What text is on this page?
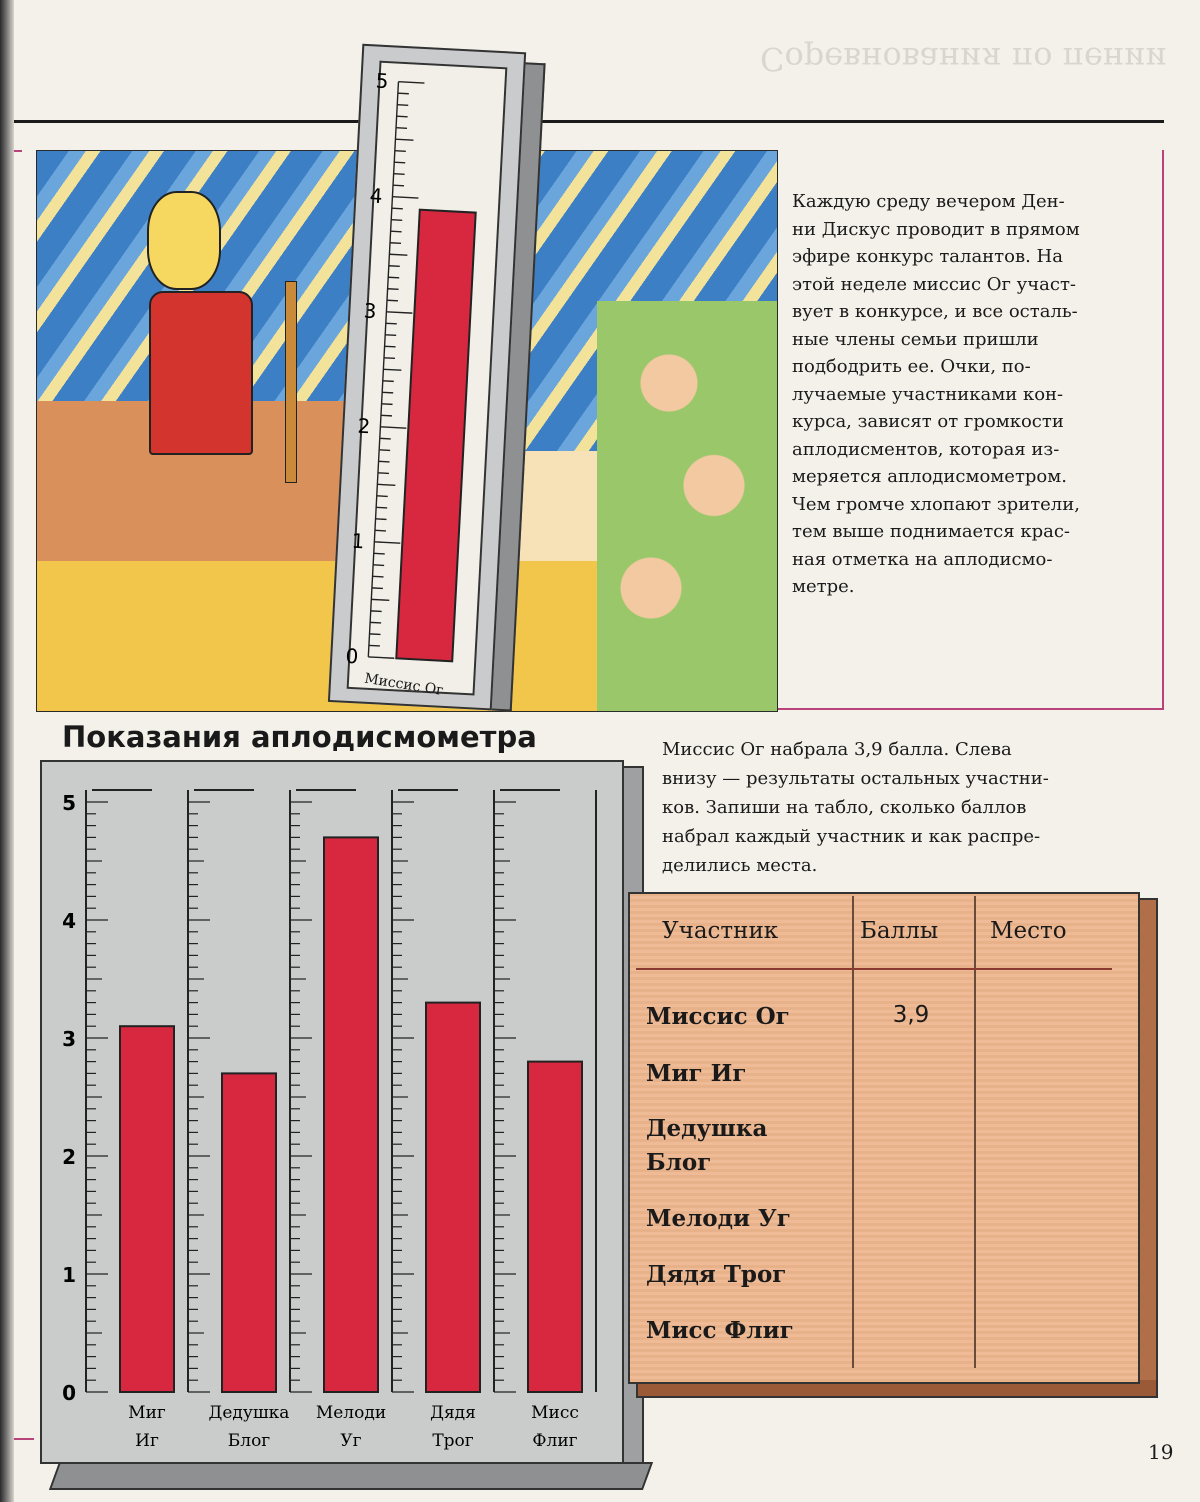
Соревнования по пении
0
1
2
3
4
5
Миссис Ог
Каждую среду вечером Ден-
ни Дискус проводит в прямом
эфире конкурс талантов. На
этой неделе миссис Ог участ-
вует в конкурсе, и все осталь-
ные члены семьи пришли
подбодрить ее. Очки, по-
лучаемые участниками кон-
курса, зависят от громкости
аплодисментов, которая из-
меряется аплодисмометром.
Чем громче хлопают зрители,
тем выше поднимается крас-
ная отметка на аплодисмо-
метре.
Показания аплодисмометра
0
1
2
3
4
5
Миг
Иг
Дедушка
Блог
Мелоди
Уг
Дядя
Трог
Мисс
Флиг
Миссис Ог набрала 3,9 балла. Слева
внизу — результаты остальных участни-
ков. Запиши на табло, сколько баллов
набрал каждый участник и как распре-
делились места.
Участник	Баллы Место
Миссис Ог	3,9
Миг Иг
Дедушка
Блог
Мелоди Уг
Дядя Трог
Мисс Флиг
19
